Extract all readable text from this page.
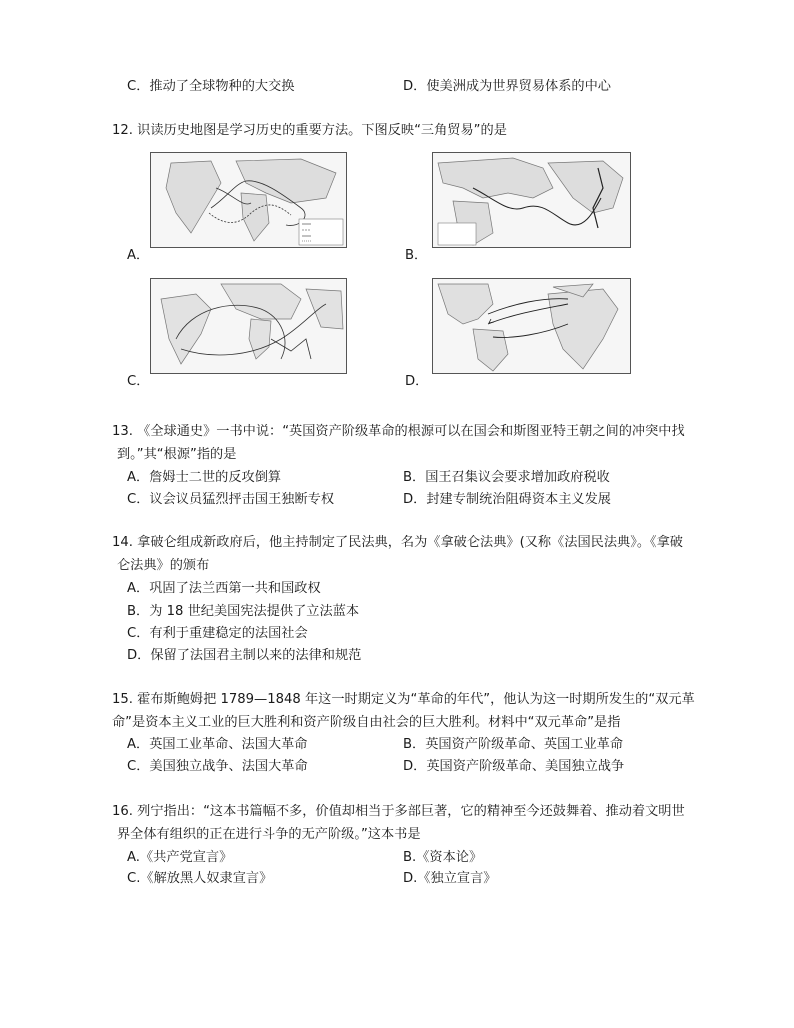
C．推动了全球物种的大交换	D．使美洲成为世界贸易体系的中心
12. 识读历史地图是学习历史的重要方法。下图反映“三角贸易”的是
A．	B．
C．	D．
13. 《全球通史》一书中说：“英国资产阶级革命的根源可以在国会和斯图亚特王朝之间的冲突中找
到。”其“根源”指的是
A．詹姆士二世的反攻倒算	B．国王召集议会要求增加政府税收
C．议会议员猛烈抨击国王独断专权	D．封建专制统治阻碍资本主义发展
14. 拿破仑组成新政府后，他主持制定了民法典，名为《拿破仑法典》(又称《法国民法典》。《拿破
仑法典》的颁布
A．巩固了法兰西第一共和国政权
B．为 18 世纪美国宪法提供了立法蓝本
C．有利于重建稳定的法国社会
D．保留了法国君主制以来的法律和规范
15. 霍布斯鲍姆把 1789—1848 年这一时期定义为“革命的年代”，他认为这一时期所发生的“双元革
命”是资本主义工业的巨大胜利和资产阶级自由社会的巨大胜利。材料中“双元革命”是指
A．英国工业革命、法国大革命	B．英国资产阶级革命、英国工业革命
C．美国独立战争、法国大革命	D．英国资产阶级革命、美国独立战争
16. 列宁指出：“这本书篇幅不多，价值却相当于多部巨著，它的精神至今还鼓舞着、推动着文明世
界全体有组织的正在进行斗争的无产阶级。”这本书是
A.《共产党宣言》	B.《资本论》
C.《解放黑人奴隶宣言》	D.《独立宣言》
